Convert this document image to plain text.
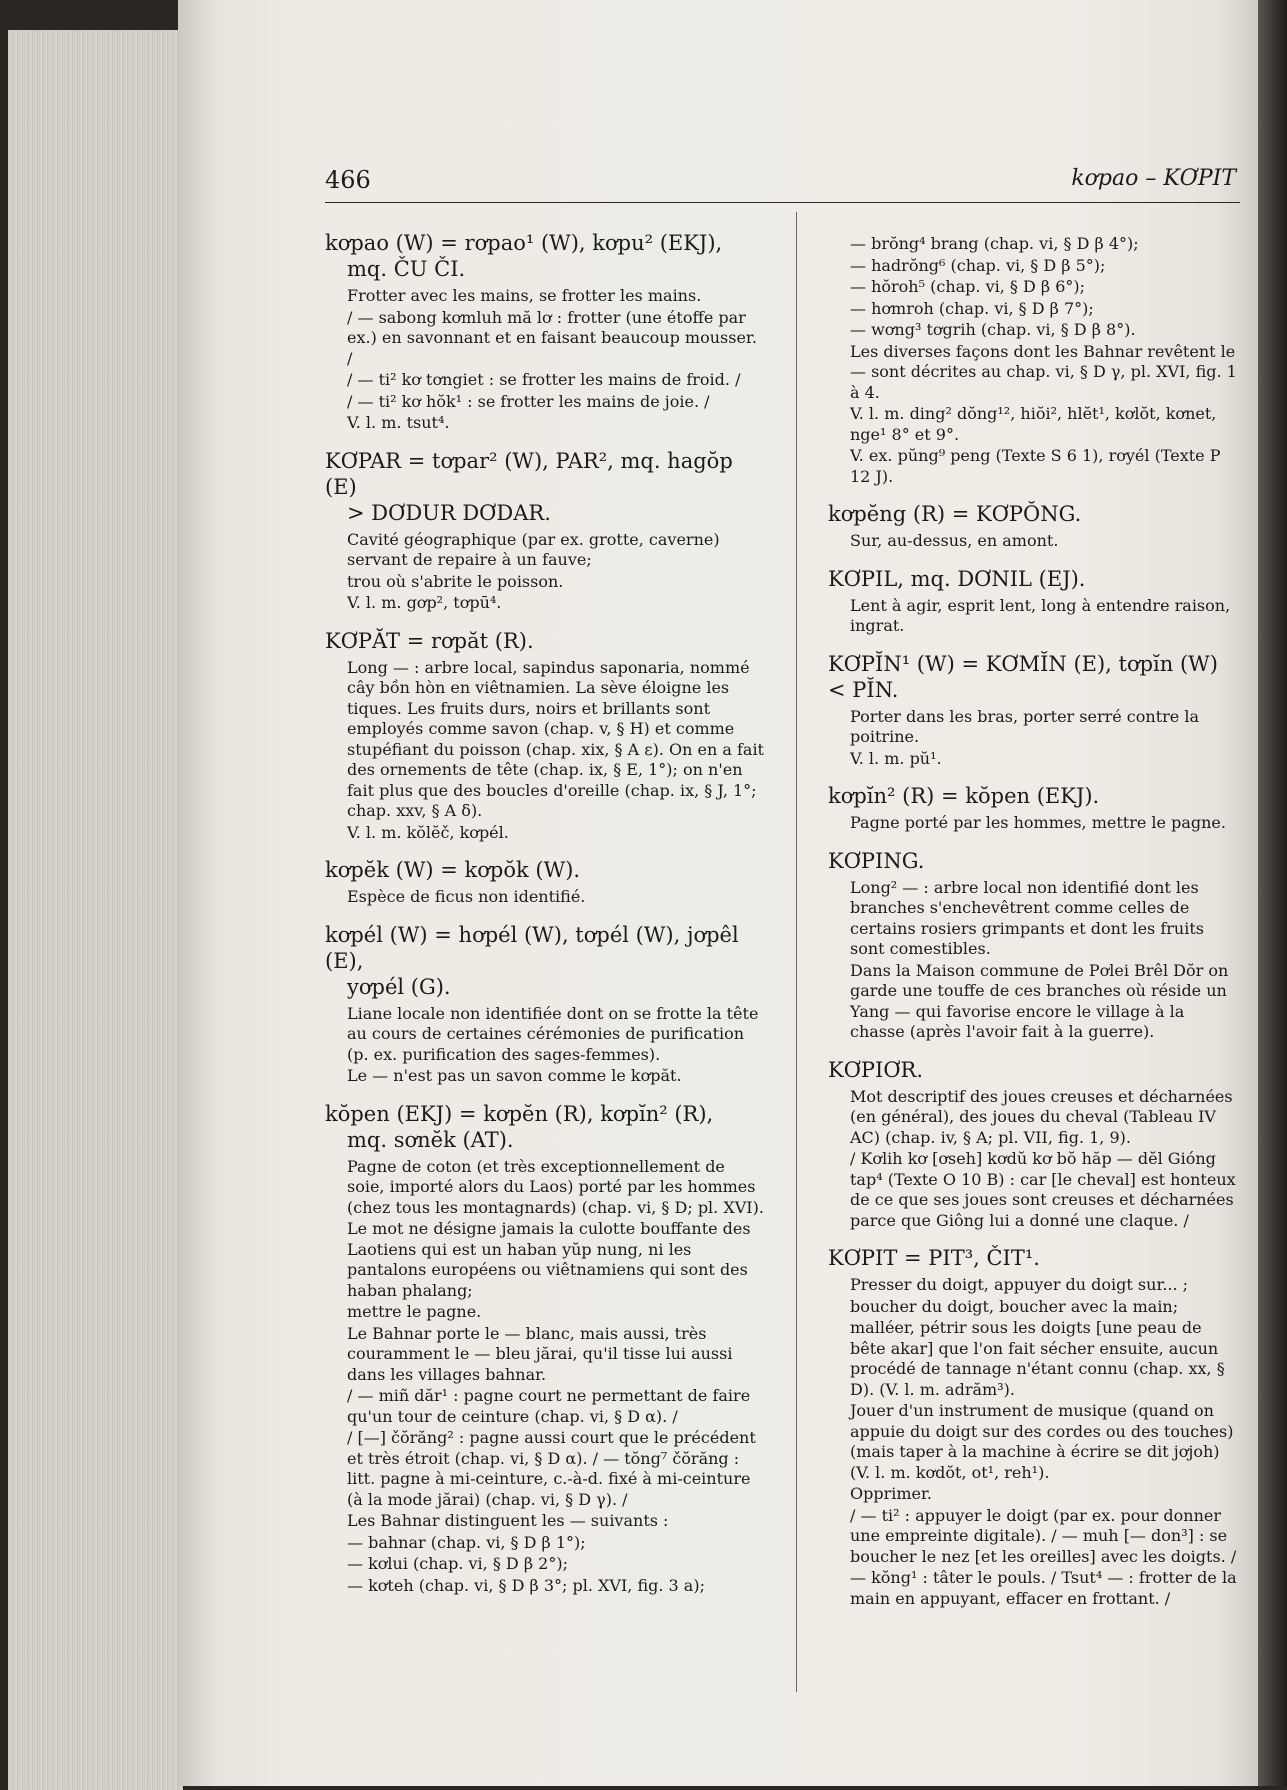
466	kơpao – KƠPIT
kơpao (W) = rơpao¹ (W), kơpu² (EKJ),
mq. ČU ČI.

Frotter avec les mains, se frotter les mains.

/ — sabong kơmluh mă lơ : frotter (une étoffe par ex.) en savonnant et en faisant beaucoup mousser. /

/ — ti² kơ tơngiet : se frotter les mains de froid. /

/ — ti² kơ hŏk¹ : se frotter les mains de joie. /

V. l. m. tsut⁴.

KƠPAR = tơpar² (W), PAR², mq. hagŏp (E)
> DƠDUR DƠDAR.

Cavité géographique (par ex. grotte, caverne) servant de repaire à un fauve;

trou où s'abrite le poisson.

V. l. m. gơp², tơpū⁴.

KƠPĂT = rơpăt (R).

Long — : arbre local, sapindus saponaria, nommé cây bồn hòn en viêtnamien. La sève éloigne les tiques. Les fruits durs, noirs et brillants sont employés comme savon (chap. v, § H) et comme stupéfiant du poisson (chap. xix, § A ε). On en a fait des ornements de tête (chap. ix, § E, 1°); on n'en fait plus que des boucles d'oreille (chap. ix, § J, 1°; chap. xxv, § A δ).

V. l. m. kŏlĕč, kơpél.

kơpĕk (W) = kơpŏk (W).

Espèce de ficus non identifié.

kơpél (W) = hơpél (W), tơpél (W), jơpêl (E),
yơpél (G).

Liane locale non identifiée dont on se frotte la tête au cours de certaines cérémonies de purification (p. ex. purification des sages-femmes).

Le — n'est pas un savon comme le kơpăt.

kŏpen (EKJ) = kơpĕn (R), kơpĭn² (R),
mq. sơnĕk (AT).

Pagne de coton (et très exceptionnellement de soie, importé alors du Laos) porté par les hommes (chez tous les montagnards) (chap. vi, § D; pl. XVI).

Le mot ne désigne jamais la culotte bouffante des Laotiens qui est un haban yŭp nung, ni les pantalons européens ou viêtnamiens qui sont des haban phalang;

mettre le pagne.

Le Bahnar porte le — blanc, mais aussi, très couramment le — bleu jărai, qu'il tisse lui aussi dans les villages bahnar.

/ — miñ dăr¹ : pagne court ne permettant de faire qu'un tour de ceinture (chap. vi, § D α). /

/ [—] čŏrăng² : pagne aussi court que le précédent et très étroit (chap. vi, § D α). / — tŏng⁷ čŏrăng : litt. pagne à mi-ceinture, c.-à-d. fixé à mi-ceinture (à la mode jărai) (chap. vi, § D γ). /

Les Bahnar distinguent les — suivants :

— bahnar (chap. vi, § D β 1°);

— kơlui (chap. vi, § D β 2°);

— kơteh (chap. vi, § D β 3°; pl. XVI, fig. 3 a);

— brŏng⁴ brang (chap. vi, § D β 4°);

— hadrŏng⁶ (chap. vi, § D β 5°);

— hŏroh⁵ (chap. vi, § D β 6°);

— hơmroh (chap. vi, § D β 7°);

— wơng³ tơgrih (chap. vi, § D β 8°).

Les diverses façons dont les Bahnar revêtent le — sont décrites au chap. vi, § D γ, pl. XVI, fig. 1 à 4.

V. l. m. ding² dŏng¹², hiŏi², hlĕt¹, kơlŏt, kơnet, nge¹ 8° et 9°.

V. ex. pŭng⁹ peng (Texte S 6 1), rơyél (Texte P 12 J).

kơpĕng (R) = KƠPŎNG.

Sur, au-dessus, en amont.

KƠPIL, mq. DƠNIL (EJ).

Lent à agir, esprit lent, long à entendre raison, ingrat.

KƠPĬN¹ (W) = KƠMĬN (E), tơpĭn (W) < PĬN.

Porter dans les bras, porter serré contre la poitrine.

V. l. m. pŭ¹.

kơpĭn² (R) = kŏpen (EKJ).

Pagne porté par les hommes, mettre le pagne.

KƠPING.

Long² — : arbre local non identifié dont les branches s'enchevêtrent comme celles de certains rosiers grimpants et dont les fruits sont comestibles.

Dans la Maison commune de Pơlei Brêl Dŏr on garde une touffe de ces branches où réside un Yang — qui favorise encore le village à la chasse (après l'avoir fait à la guerre).

KƠPIƠR.

Mot descriptif des joues creuses et décharnées (en général), des joues du cheval (Tableau IV AC) (chap. iv, § A; pl. VII, fig. 1, 9).

/ Kơlih kơ [ơseh] kơdŭ kơ bŏ hăp — dĕl Gióng tap⁴ (Texte O 10 B) : car [le cheval] est honteux de ce que ses joues sont creuses et décharnées parce que Giông lui a donné une claque. /

KƠPIT = PIT³, ČIT¹.

Presser du doigt, appuyer du doigt sur... ;

boucher du doigt, boucher avec la main;

malléer, pétrir sous les doigts [une peau de bête akar] que l'on fait sécher ensuite, aucun procédé de tannage n'étant connu (chap. xx, § D). (V. l. m. adrăm³).

Jouer d'un instrument de musique (quand on appuie du doigt sur des cordes ou des touches) (mais taper à la machine à écrire se dit jơjoh) (V. l. m. kơdŏt, ot¹, reh¹).

Opprimer.

/ — ti² : appuyer le doigt (par ex. pour donner une empreinte digitale). / — muh [— don³] : se boucher le nez [et les oreilles] avec les doigts. /

— kŏng¹ : tâter le pouls. / Tsut⁴ — : frotter de la main en appuyant, effacer en frottant. /
